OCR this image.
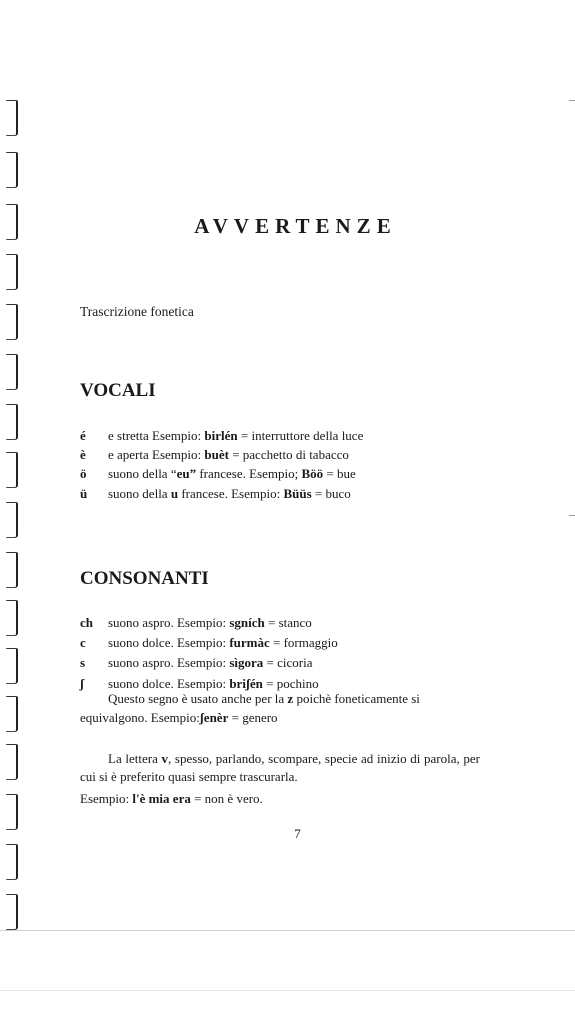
AVVERTENZE
Trascrizione fonetica
VOCALI
é e stretta Esempio: birlén = interruttore della luce
è e aperta Esempio: buèt = pacchetto di tabacco
ö suono della “eu” francese. Esempio; Böö = bue
ü suono della u francese. Esempio: Büüs = buco
CONSONANTI
ch suono aspro. Esempio: sgních = stanco
c suono dolce. Esempio: furmàc = formaggio
s suono aspro. Esempio: sìgora = cicoria
ʃ suono dolce. Esempio: briʃén = pochino
Questo segno è usato anche per la z poichè foneticamente si
equivalgono. Esempio:ʃenèr = genero
La lettera v, spesso, parlando, scompare, specie ad inizio di parola, per cui si è preferito quasi sempre trascurarla.
Esempio: l'è mia era = non è vero.
7
